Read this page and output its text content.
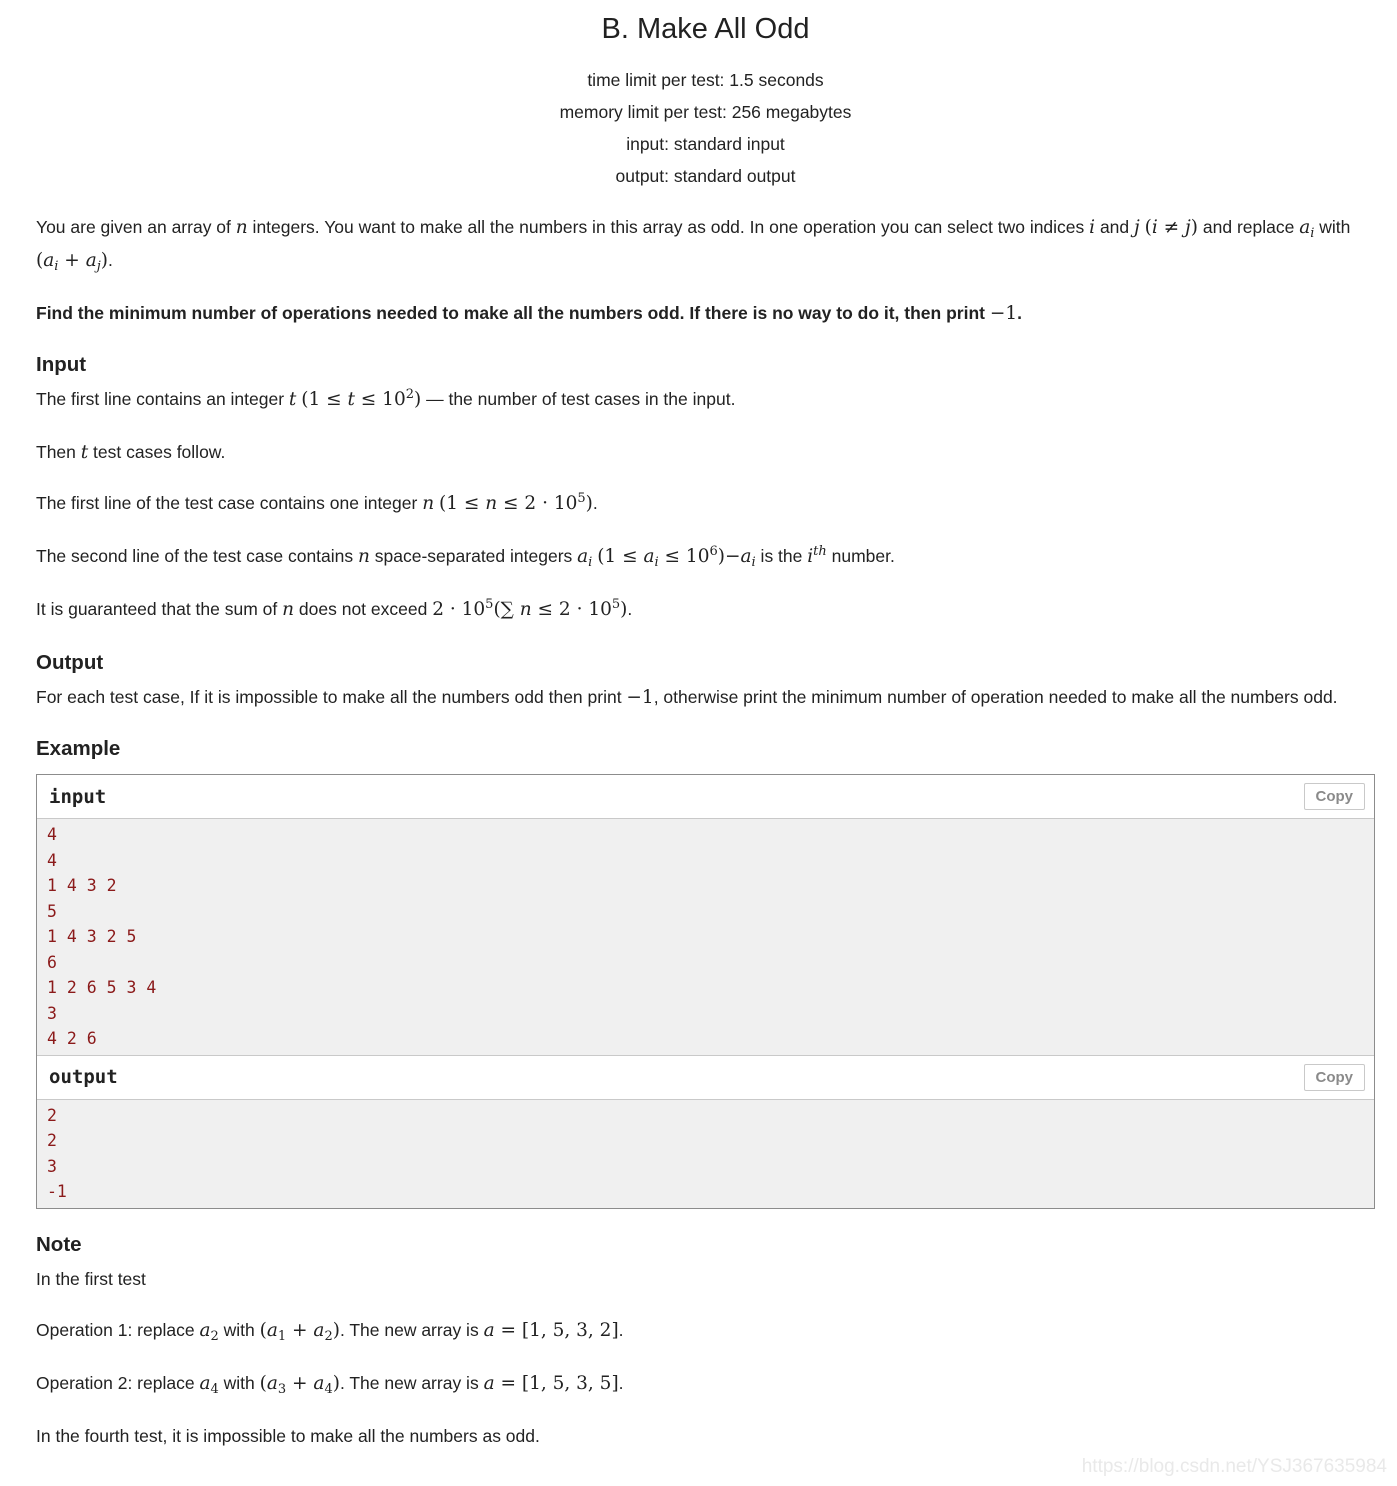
B. Make All Odd
time limit per test: 1.5 seconds
memory limit per test: 256 megabytes
input: standard input
output: standard output

You are given an array of n integers. You want to make all the numbers in this array as odd. In one operation you can select two indices i and j (i ≠ j) and replace $a_i$ with $(a_i + a_j)$.

Find the minimum number of operations needed to make all the numbers odd. If there is no way to do it, then print −1.

Input

The first line contains an integer t $(1 \le t \le 10^2)$ — the number of test cases in the input.

Then t test cases follow.

The first line of the test case contains one integer n $(1 \le n \le 2 \cdot 10^5)$.

The second line of the test case contains n space-separated integers $a_i$ $(1 \le a_i \le 10^6)-a_i$ is the $i^{th}$ number.

It is guaranteed that the sum of n does not exceed $2 \cdot 10^5(\sum$ $n \le 2 \cdot 10^5$).

Output

For each test case, If it is impossible to make all the numbers odd then print −1, otherwise print the minimum number of operation needed to make all the numbers odd.

Example
input	Copy
4
4
1 4 3 2
5
1 4 3 2 5
6
1 2 6 5 3 4
3
4 2 6
output	Copy
2
2
3
-1
Note

In the first test

Operation 1: replace $a_2$ with $(a_1 + a_2)$. The new array is a = [1, 5, 3, 2].

Operation 2: replace $a_4$ with $(a_3 + a_4)$. The new array is a = [1, 5, 3, 5].

In the fourth test, it is impossible to make all the numbers as odd.

https://blog.csdn.net/YSJ367635984
